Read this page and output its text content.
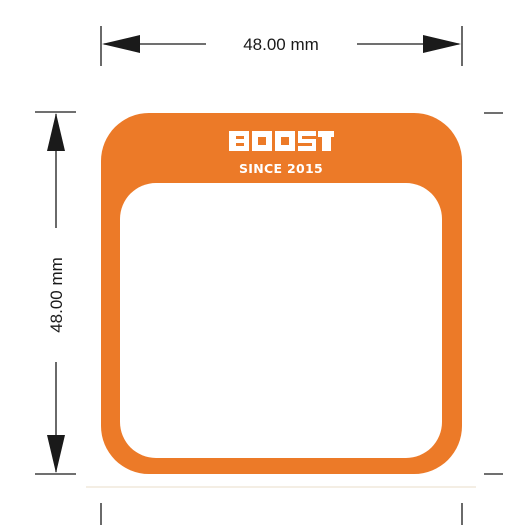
48.00 mm
48.00 mm
SINCE 2015
